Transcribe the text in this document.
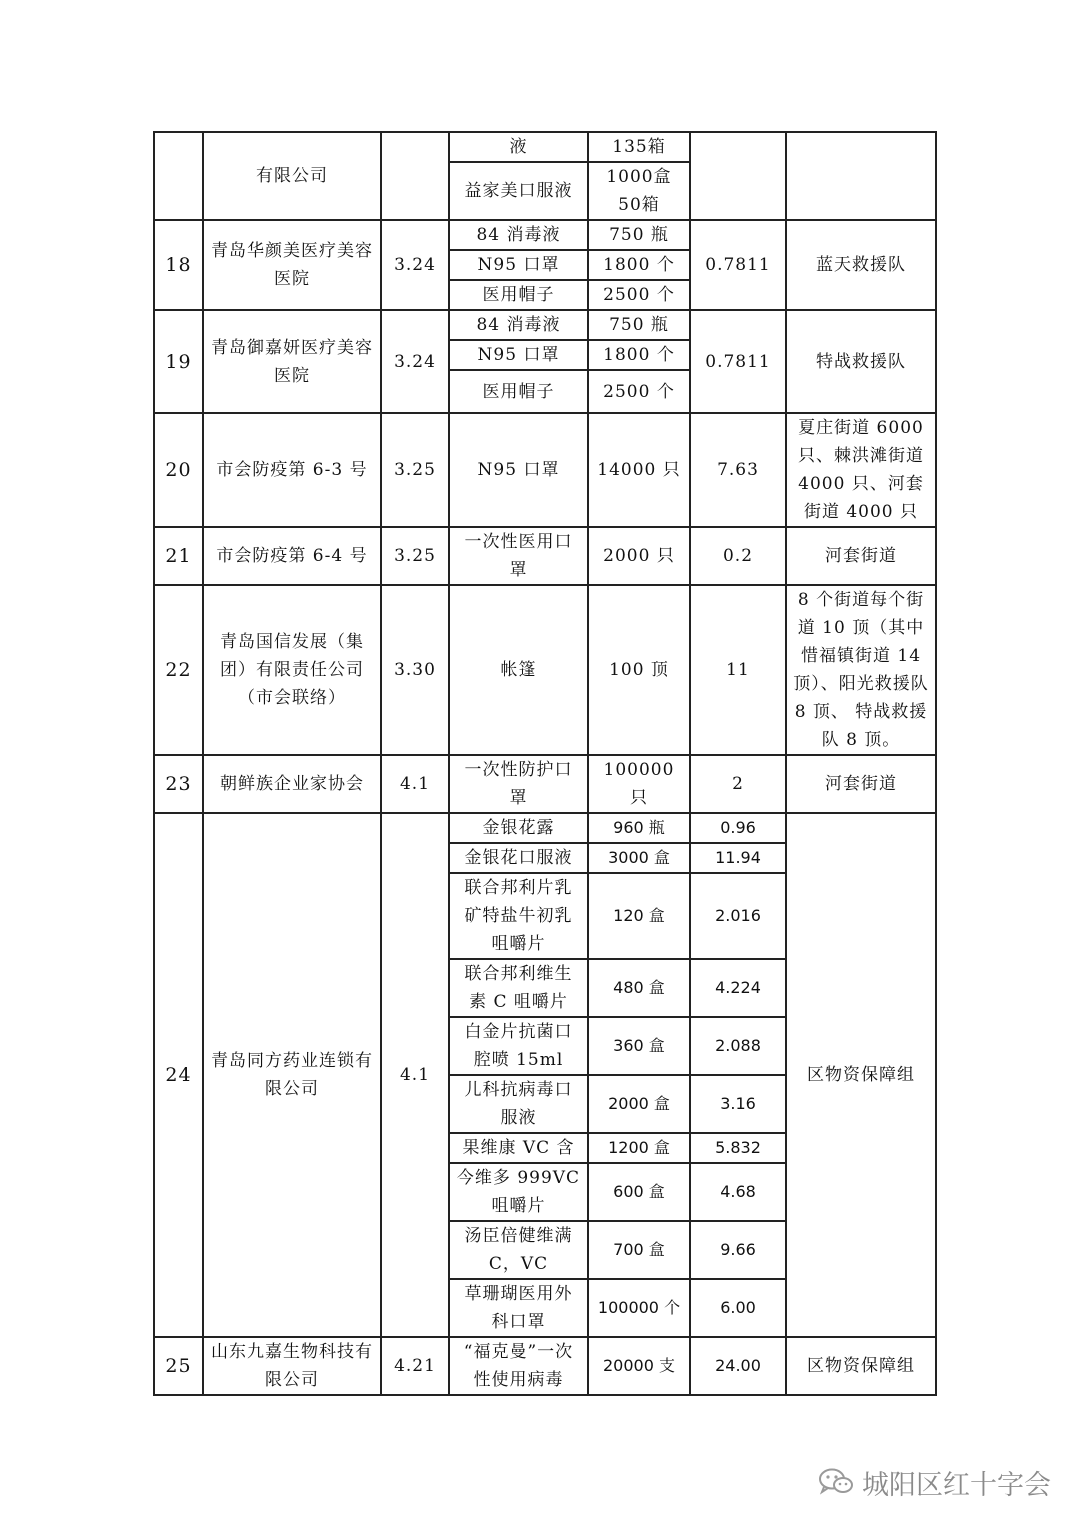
	有限公司		液	135箱		
			益家美口服液	1000盒 50箱		
18	青岛华颜美医疗美容医院	3.24	84 消毒液	750 瓶	0.7811	蓝天救援队
			N95 口罩	1800 个		
			医用帽子	2500 个		
19	青岛御嘉妍医疗美容医院	3.24	84 消毒液	750 瓶	0.7811	特战救援队
			N95 口罩	1800 个		
			医用帽子	2500 个		
20	市会防疫第 6-3 号	3.25	N95 口罩	14000 只	7.63	夏庄街道 6000 只、棘洪滩街道 4000 只、河套街道 4000 只
21	市会防疫第 6-4 号	3.25	一次性医用口罩	2000 只	0.2	河套街道
22	青岛国信发展（集团）有限责任公司（市会联络）	3.30	帐篷	100 顶	11	8 个街道每个街道 10 顶（其中惜福镇街道 14 顶）、阳光救援队 8 顶、 特战救援队 8 顶。
23	朝鲜族企业家协会	4.1	一次性防护口罩	100000 只	2	河套街道
24	青岛同方药业连锁有限公司	4.1	金银花露	960 瓶	0.96	区物资保障组
			金银花口服液	3000 盒	11.94	
			联合邦利片乳矿特盐牛初乳咀嚼片	120 盒	2.016	
			联合邦利维生素 C 咀嚼片	480 盒	4.224	
			白金片抗菌口腔喷 15ml	360 盒	2.088	
			儿科抗病毒口服液	2000 盒	3.16	
			果维康 VC 含	1200 盒	5.832	
			今维多 999VC 咀嚼片	600 盒	4.68	
			汤臣倍健维满 C，VC	700 盒	9.66	
			草珊瑚医用外科口罩	100000 个	6.00	
25	山东九嘉生物科技有限公司	4.21	“福克曼”一次性使用病毒	20000 支	24.00	区物资保障组
城阳区红十字会
